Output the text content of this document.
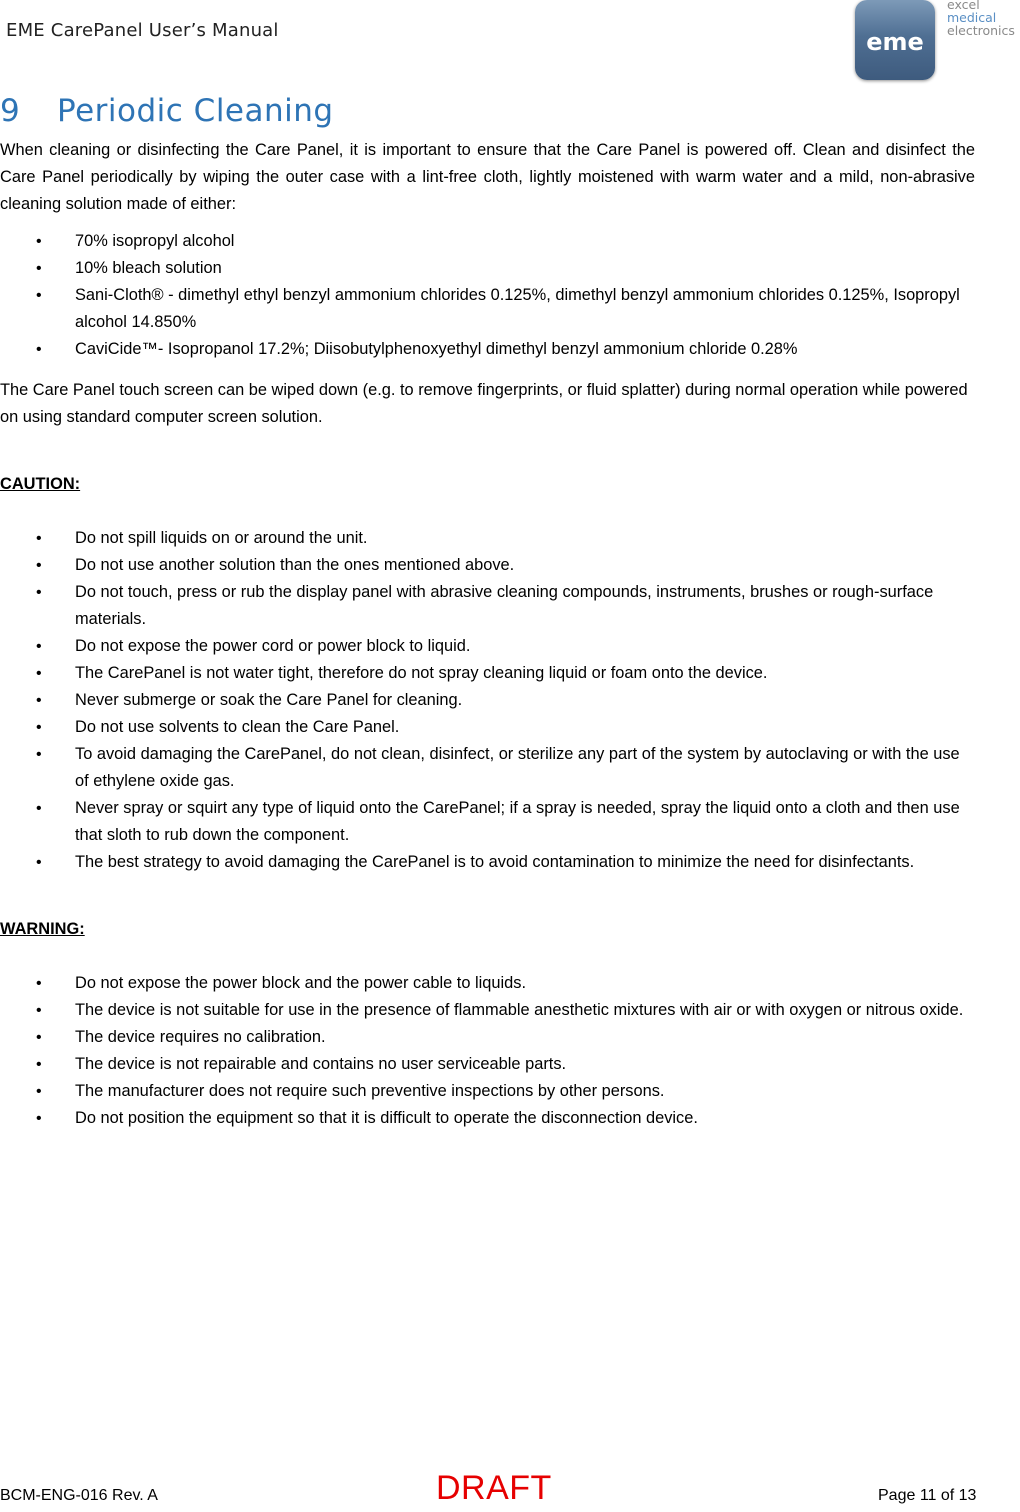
EME CarePanel User’s Manual	eme
excel
medical
electronics
9 Periodic Cleaning

When cleaning or disinfecting the Care Panel, it is important to ensure that the Care Panel is powered off. Clean and disinfect the Care Panel periodically by wiping the outer case with a lint-free cloth, lightly moistened with warm water and a mild, non-abrasive cleaning solution made of either:

• 70% isopropyl alcohol
• 10% bleach solution
• Sani-Cloth® - dimethyl ethyl benzyl ammonium chlorides 0.125%, dimethyl benzyl ammonium chlorides 0.125%, Isopropyl alcohol 14.850%
• CaviCide™- Isopropanol 17.2%; Diisobutylphenoxyethyl dimethyl benzyl ammonium chloride 0.28%

The Care Panel touch screen can be wiped down (e.g. to remove fingerprints, or fluid splatter) during normal operation while powered on using standard computer screen solution.

CAUTION:

• Do not spill liquids on or around the unit.
• Do not use another solution than the ones mentioned above.
• Do not touch, press or rub the display panel with abrasive cleaning compounds, instruments, brushes or rough-surface materials.
• Do not expose the power cord or power block to liquid.
• The CarePanel is not water tight, therefore do not spray cleaning liquid or foam onto the device.
• Never submerge or soak the Care Panel for cleaning.
• Do not use solvents to clean the Care Panel.
• To avoid damaging the CarePanel, do not clean, disinfect, or sterilize any part of the system by autoclaving or with the use of ethylene oxide gas.
• Never spray or squirt any type of liquid onto the CarePanel; if a spray is needed, spray the liquid onto a cloth and then use that sloth to rub down the component.
• The best strategy to avoid damaging the CarePanel is to avoid contamination to minimize the need for disinfectants.

WARNING:

• Do not expose the power block and the power cable to liquids.
• The device is not suitable for use in the presence of flammable anesthetic mixtures with air or with oxygen or nitrous oxide.
• The device requires no calibration.
• The device is not repairable and contains no user serviceable parts.
• The manufacturer does not require such preventive inspections by other persons.
• Do not position the equipment so that it is difficult to operate the disconnection device.
BCM-ENG-016 Rev. A	DRAFT	Page 11 of 13
